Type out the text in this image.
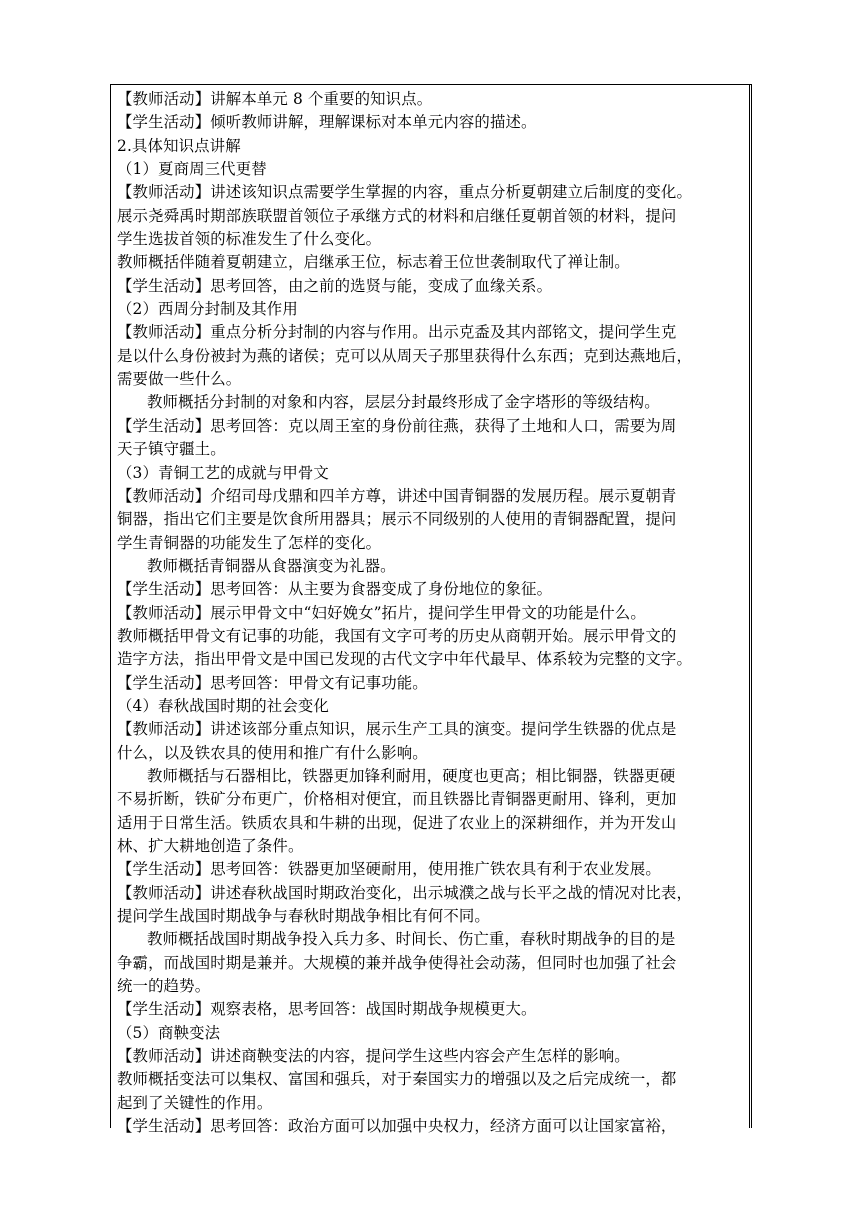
【教师活动】讲解本单元 8 个重要的知识点。
【学生活动】倾听教师讲解，理解课标对本单元内容的描述。
2.具体知识点讲解
（1）夏商周三代更替
【教师活动】讲述该知识点需要学生掌握的内容，重点分析夏朝建立后制度的变化。
展示尧舜禹时期部族联盟首领位子承继方式的材料和启继任夏朝首领的材料，提问
学生选拔首领的标准发生了什么变化。
教师概括伴随着夏朝建立，启继承王位，标志着王位世袭制取代了禅让制。
【学生活动】思考回答，由之前的选贤与能，变成了血缘关系。
（2）西周分封制及其作用
【教师活动】重点分析分封制的内容与作用。出示克盉及其内部铭文，提问学生克
是以什么身份被封为燕的诸侯；克可以从周天子那里获得什么东西；克到达燕地后，
需要做一些什么。
教师概括分封制的对象和内容，层层分封最终形成了金字塔形的等级结构。
【学生活动】思考回答：克以周王室的身份前往燕，获得了土地和人口，需要为周
天子镇守疆土。
（3）青铜工艺的成就与甲骨文
【教师活动】介绍司母戊鼎和四羊方尊，讲述中国青铜器的发展历程。展示夏朝青
铜器，指出它们主要是饮食所用器具；展示不同级别的人使用的青铜器配置，提问
学生青铜器的功能发生了怎样的变化。
教师概括青铜器从食器演变为礼器。
【学生活动】思考回答：从主要为食器变成了身份地位的象征。
【教师活动】展示甲骨文中“妇好娩女”拓片，提问学生甲骨文的功能是什么。
教师概括甲骨文有记事的功能，我国有文字可考的历史从商朝开始。展示甲骨文的
造字方法，指出甲骨文是中国已发现的古代文字中年代最早、体系较为完整的文字。
【学生活动】思考回答：甲骨文有记事功能。
（4）春秋战国时期的社会变化
【教师活动】讲述该部分重点知识，展示生产工具的演变。提问学生铁器的优点是
什么，以及铁农具的使用和推广有什么影响。
教师概括与石器相比，铁器更加锋利耐用，硬度也更高；相比铜器，铁器更硬
不易折断，铁矿分布更广，价格相对便宜，而且铁器比青铜器更耐用、锋利，更加
适用于日常生活。铁质农具和牛耕的出现，促进了农业上的深耕细作，并为开发山
林、扩大耕地创造了条件。
【学生活动】思考回答：铁器更加坚硬耐用，使用推广铁农具有利于农业发展。
【教师活动】讲述春秋战国时期政治变化，出示城濮之战与长平之战的情况对比表，
提问学生战国时期战争与春秋时期战争相比有何不同。
教师概括战国时期战争投入兵力多、时间长、伤亡重，春秋时期战争的目的是
争霸，而战国时期是兼并。大规模的兼并战争使得社会动荡，但同时也加强了社会
统一的趋势。
【学生活动】观察表格，思考回答：战国时期战争规模更大。
（5）商鞅变法
【教师活动】讲述商鞅变法的内容，提问学生这些内容会产生怎样的影响。
教师概括变法可以集权、富国和强兵，对于秦国实力的增强以及之后完成统一，都
起到了关键性的作用。
【学生活动】思考回答：政治方面可以加强中央权力，经济方面可以让国家富裕，
